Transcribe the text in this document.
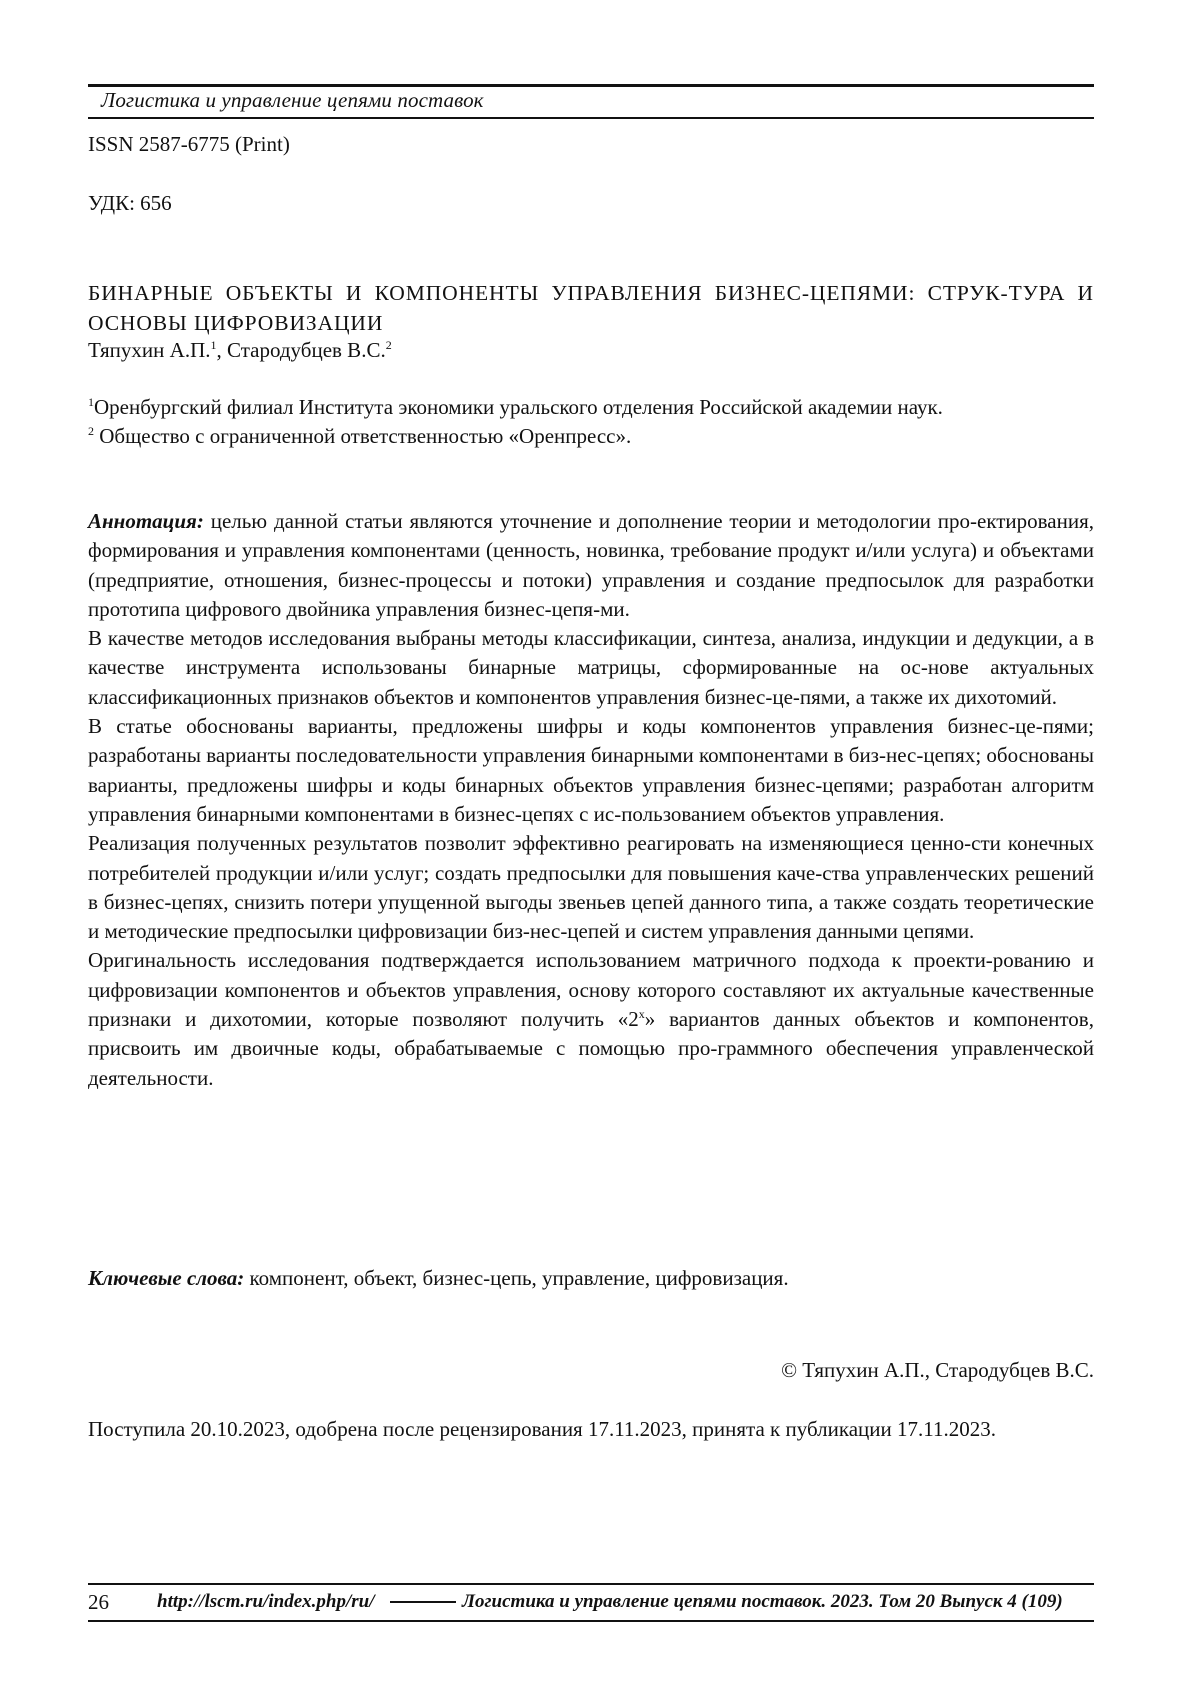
Логистика и управление цепями поставок
ISSN 2587-6775 (Print)
УДК: 656
БИНАРНЫЕ ОБЪЕКТЫ И КОМПОНЕНТЫ УПРАВЛЕНИЯ БИЗНЕС-ЦЕПЯМИ: СТРУК-ТУРА И ОСНОВЫ ЦИФРОВИЗАЦИИ
Тяпухин А.П.$^1$, Стародубцев В.С.$^2$
$^1$Оренбургский филиал Института экономики уральского отделения Российской академии наук.
$^2$ Общество с ограниченной ответственностью «Оренпресс».

Аннотация: целью данной статьи являются уточнение и дополнение теории и методологии про-ектирования, формирования и управления компонентами (ценность, новинка, требование продукт и/или услуга) и объектами (предприятие, отношения, бизнес-процессы и потоки) управления и создание предпосылок для разработки прототипа цифрового двойника управления бизнес-цепя-ми.

В качестве методов исследования выбраны методы классификации, синтеза, анализа, индукции и дедукции, а в качестве инструмента использованы бинарные матрицы, сформированные на ос-нове актуальных классификационных признаков объектов и компонентов управления бизнес-це-пями, а также их дихотомий.

В статье обоснованы варианты, предложены шифры и коды компонентов управления бизнес-це-пями; разработаны варианты последовательности управления бинарными компонентами в биз-нес-цепях; обоснованы варианты, предложены шифры и коды бинарных объектов управления бизнес-цепями; разработан алгоритм управления бинарными компонентами в бизнес-цепях с ис-пользованием объектов управления.

Реализация полученных результатов позволит эффективно реагировать на изменяющиеся ценно-сти конечных потребителей продукции и/или услуг; создать предпосылки для повышения каче-ства управленческих решений в бизнес-цепях, снизить потери упущенной выгоды звеньев цепей данного типа, а также создать теоретические и методические предпосылки цифровизации биз-нес-цепей и систем управления данными цепями.

Оригинальность исследования подтверждается использованием матричного подхода к проекти-рованию и цифровизации компонентов и объектов управления, основу которого составляют их актуальные качественные признаки и дихотомии, которые позволяют получить «2$^x$» вариантов данных объектов и компонентов, присвоить им двоичные коды, обрабатываемые с помощью про-граммного обеспечения управленческой деятельности.

Ключевые слова: компонент, объект, бизнес-цепь, управление, цифровизация.
© Тяпухин А.П., Стародубцев В.С.
Поступила 20.10.2023, одобрена после рецензирования 17.11.2023, принята к публикации 17.11.2023.
26	http://lscm.ru/index.php/ru/	Логистика и управление цепями поставок. 2023. Том 20 Выпуск 4 (109)
